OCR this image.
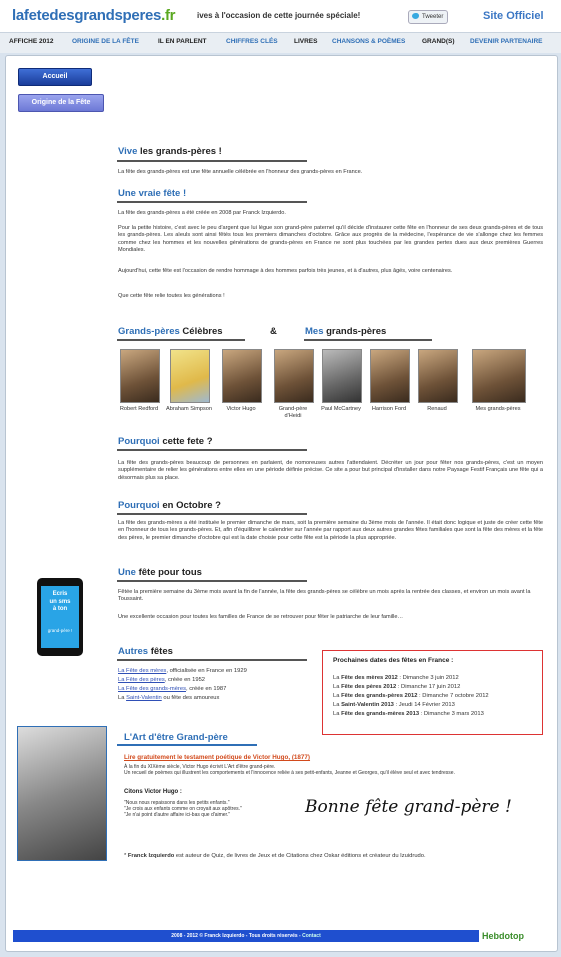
lafetedesgrandsperes.fr	ives à l'occasion de cette journée spéciale!	Tweeter	Site Officiel
AFFICHE 2012	ORIGINE DE LA FÊTE	IL EN PARLENT	CHIFFRES CLÉS	LIVRES CHANSONS & POÈMES	GRAND(S) DEVENIR PARTENAIRE
Accueil
Origine de la Fête
Vive les grands-pères !

La fête des grands-pères est une fête annuelle célébrée en l'honneur des grands-pères en France.

Une vraie fête !

La fête des grands-pères a été créée en 2008 par Franck Izquierdo.

Pour la petite histoire, c'est avec le peu d'argent que lui légue son grand-père paternel qu'il décide d'instaurer cette fête en l'honneur de ses deux grands-pères et de tous les grands-pères. Les aïeuls sont ainsi fêtés tous les premiers dimanches d'octobre. Grâce aux progrès de la médecine, l'espérance de vie s'allonge chez les femmes comme chez les hommes et les nouvelles générations de grands-pères en France ne sont plus touchées par les grandes pertes dues aux deux premières Guerres Mondiales.

Aujourd'hui, cette fête est l'occasion de rendre hommage à des hommes parfois très jeunes, et à d'autres, plus âgés, voire centenaires.

Que cette fête relie toutes les générations !

Grands-pères Célèbres	&	Mes grands-pères
Robert Redford	Abraham Simpson	Victor Hugo	Grand-père d'Heidi
Paul McCartney	Harrison Ford	Renaud	Mes grands-pères
Pourquoi cette fete ?

La fête des grands-pères beaucoup de personnes en parlaient, de nomoreuses autres l'attendaient. Décréter un jour pour fêter nos grands-pères, c'est un moyen supplémentaire de relier les générations entre elles en une période définie précise. Ce site a pour but principal d'installer dans notre Paysage Festif Français une fête qui a désormais plus sa place.

Pourquoi en Octobre ?

La fête des grands-mères a été instituée le premier dimanche de mars, soit la première semaine du 3ème mois de l'année. Il était donc logique et juste de créer cette fête en l'honneur de tous les grands-pères. Et, afin d'équilibrer le calendrier sur l'année par rapport aux deux autres grandes fêtes familiales que sont la fête des mères et la fête des pères, le premier dimanche d'octobre qui est la date choisie pour cette fête est la période la plus appropriée.

Une fête pour tous

Fêtée la première semaine du 3ème mois avant la fin de l'année, la fête des grands-pères se célèbre un mois après la rentrée des classes, et environ un mois avant la Toussaint.

Une excellente occasion pour toutes les familles de France de se retrouver pour fêter le patriarche de leur famille…

Ecris
un sms
à ton
grand-père !
Autres fêtes
La Fête des mères, officialisée en France en 1929
La Fête des pères, créée en 1952
La Fête des grands-mères, créée en 1987
La Saint-Valentin ou fête des amoureux
Prochaines dates des fêtes en France :
La Fête des mères 2012 : Dimanche 3 juin 2012
La Fête des pères 2012 : Dimanche 17 juin 2012
La Fête des grands-pères 2012 : Dimanche 7 octobre 2012
La Saint-Valentin 2013 : Jeudi 14 Février 2013
La Fête des grands-mères 2013 : Dimanche 3 mars 2013
L'Art d'être Grand-père
Lire gratuitement le testament poétique de Victor Hugo, (1877)

À la fin du XIXème siècle, Victor Hugo écrivit L'Art d'être grand-père.

Un recueil de poèmes qui illustrent les comportements et l'innocence reliée à ses petit-enfants, Jeanne et Georges, qu'il élève seul et avec tendresse.

Citons Victor Hugo :

"Nous nous repaissons dans les petits enfants."

"Je crois aux enfants comme on croyait aux apôtres."

"Je n'ai point d'autre affaire ici-bas que d'aimer."	Bonne fête grand-père !
* Franck Izquierdo est auteur de Quiz, de livres de Jeux et de Citations chez Oskar éditions et créateur du Izuidrudo.
2008 - 2012 © Franck Izquierdo - Tous droits réservés - Contact	Hebdotop
